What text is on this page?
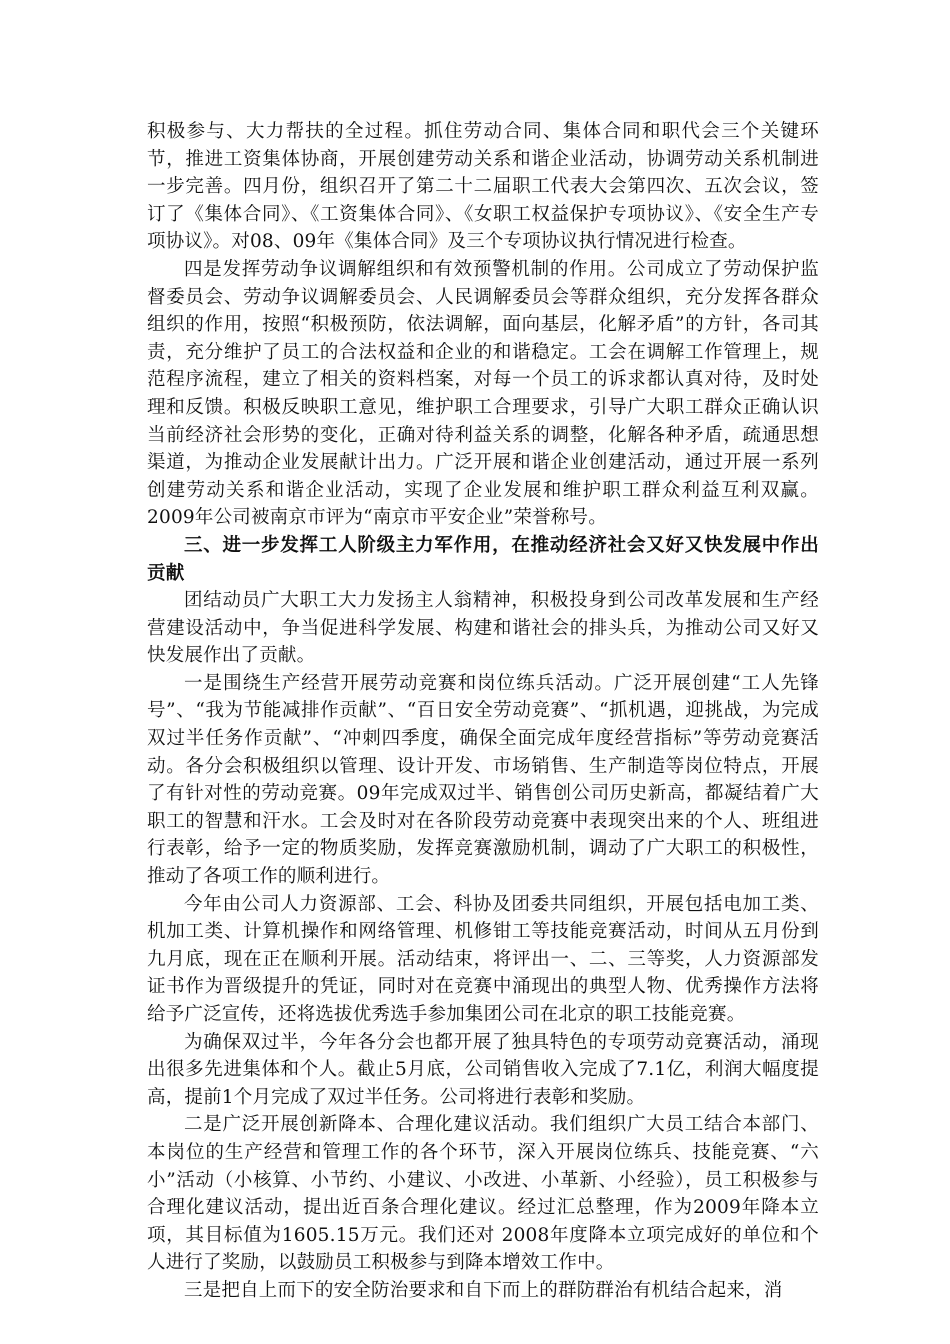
积极参与、大力帮扶的全过程。抓住劳动合同、集体合同和职代会三个关键环节，推进工资集体协商，开展创建劳动关系和谐企业活动，协调劳动关系机制进一步完善。四月份，组织召开了第二十二届职工代表大会第四次、五次会议，签订了《集体合同》、《工资集体合同》、《女职工权益保护专项协议》、《安全生产专项协议》。对08、09年《集体合同》及三个专项协议执行情况进行检查。

四是发挥劳动争议调解组织和有效预警机制的作用。公司成立了劳动保护监督委员会、劳动争议调解委员会、人民调解委员会等群众组织，充分发挥各群众组织的作用，按照“积极预防，依法调解，面向基层，化解矛盾”的方针，各司其责，充分维护了员工的合法权益和企业的和谐稳定。工会在调解工作管理上，规范程序流程，建立了相关的资料档案，对每一个员工的诉求都认真对待，及时处理和反馈。积极反映职工意见，维护职工合理要求，引导广大职工群众正确认识当前经济社会形势的变化，正确对待利益关系的调整，化解各种矛盾，疏通思想渠道，为推动企业发展献计出力。广泛开展和谐企业创建活动，通过开展一系列创建劳动关系和谐企业活动，实现了企业发展和维护职工群众利益互利双赢。2009年公司被南京市评为“南京市平安企业”荣誉称号。

三、进一步发挥工人阶级主力军作用，在推动经济社会又好又快发展中作出贡献

团结动员广大职工大力发扬主人翁精神，积极投身到公司改革发展和生产经营建设活动中，争当促进科学发展、构建和谐社会的排头兵，为推动公司又好又快发展作出了贡献。

一是围绕生产经营开展劳动竞赛和岗位练兵活动。广泛开展创建“工人先锋号”、“我为节能减排作贡献”、“百日安全劳动竞赛”、“抓机遇，迎挑战，为完成双过半任务作贡献”、“冲刺四季度，确保全面完成年度经营指标”等劳动竞赛活动。各分会积极组织以管理、设计开发、市场销售、生产制造等岗位特点，开展了有针对性的劳动竞赛。09年完成双过半、销售创公司历史新高，都凝结着广大职工的智慧和汗水。工会及时对在各阶段劳动竞赛中表现突出来的个人、班组进行表彰，给予一定的物质奖励，发挥竞赛激励机制，调动了广大职工的积极性，推动了各项工作的顺利进行。

今年由公司人力资源部、工会、科协及团委共同组织，开展包括电加工类、机加工类、计算机操作和网络管理、机修钳工等技能竞赛活动，时间从五月份到九月底，现在正在顺利开展。活动结束，将评出一、二、三等奖，人力资源部发证书作为晋级提升的凭证，同时对在竞赛中涌现出的典型人物、优秀操作方法将给予广泛宣传，还将选拔优秀选手参加集团公司在北京的职工技能竞赛。

为确保双过半，今年各分会也都开展了独具特色的专项劳动竞赛活动，涌现出很多先进集体和个人。截止5月底，公司销售收入完成了7.1亿，利润大幅度提高，提前1个月完成了双过半任务。公司将进行表彰和奖励。

二是广泛开展创新降本、合理化建议活动。我们组织广大员工结合本部门、本岗位的生产经营和管理工作的各个环节，深入开展岗位练兵、技能竞赛、“六小”活动（小核算、小节约、小建议、小改进、小革新、小经验），员工积极参与合理化建议活动，提出近百条合理化建议。经过汇总整理，作为2009年降本立项，其目标值为1605.15万元。我们还对 2008年度降本立项完成好的单位和个人进行了奖励，以鼓励员工积极参与到降本增效工作中。

三是把自上而下的安全防治要求和自下而上的群防群治有机结合起来，消
